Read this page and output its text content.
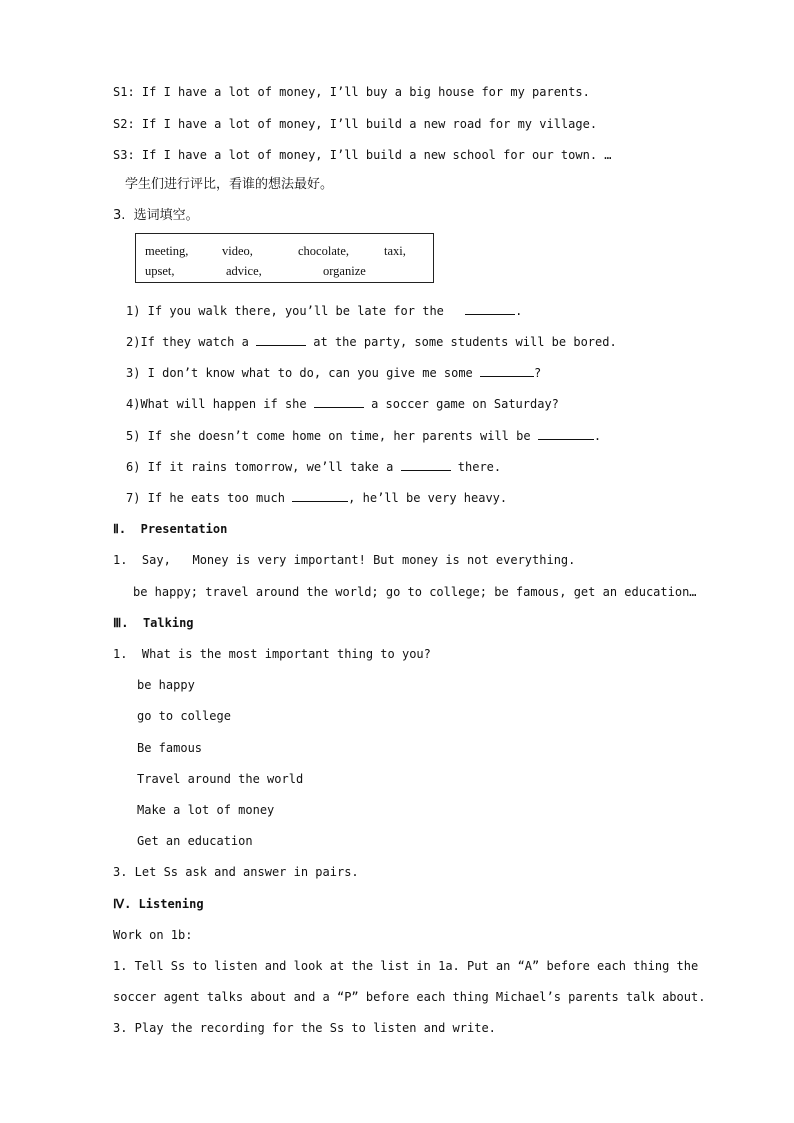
S1: If I have a lot of money, I’ll buy a big house for my parents.
S2: If I have a lot of money, I’ll build a new road for my village.
S3: If I have a lot of money, I’ll build a new school for our town. …
学生们进行评比，看谁的想法最好。
3.  选词填空。
meeting,	video,	chocolate,	taxi,
upset,	advice,	organize
1) If you walk there, you’ll be late for the	.
2)If they watch a	at the party, some students will be bored.
3) I don’t know what to do, can you give me some	?
4)What will happen if she	a soccer game on Saturday?
5) If she doesn’t come home on time, her parents will be	.
6) If it rains tomorrow, we’ll take a	there.
7) If he eats too much	, he’ll be very heavy.
Ⅱ. Presentation
1.  Say,   Money is very important! But money is not everything.
be happy; travel around the world; go to college; be famous, get an education…
Ⅲ. Talking
1.  What is the most important thing to you?
be happy
go to college
Be famous
Travel around the world
Make a lot of money
Get an education
3. Let Ss ask and answer in pairs.
Ⅳ. Listening
Work on 1b:
1. Tell Ss to listen and look at the list in 1a. Put an “A” before each thing the
soccer agent talks about and a “P” before each thing Michael’s parents talk about.
3. Play the recording for the Ss to listen and write.
